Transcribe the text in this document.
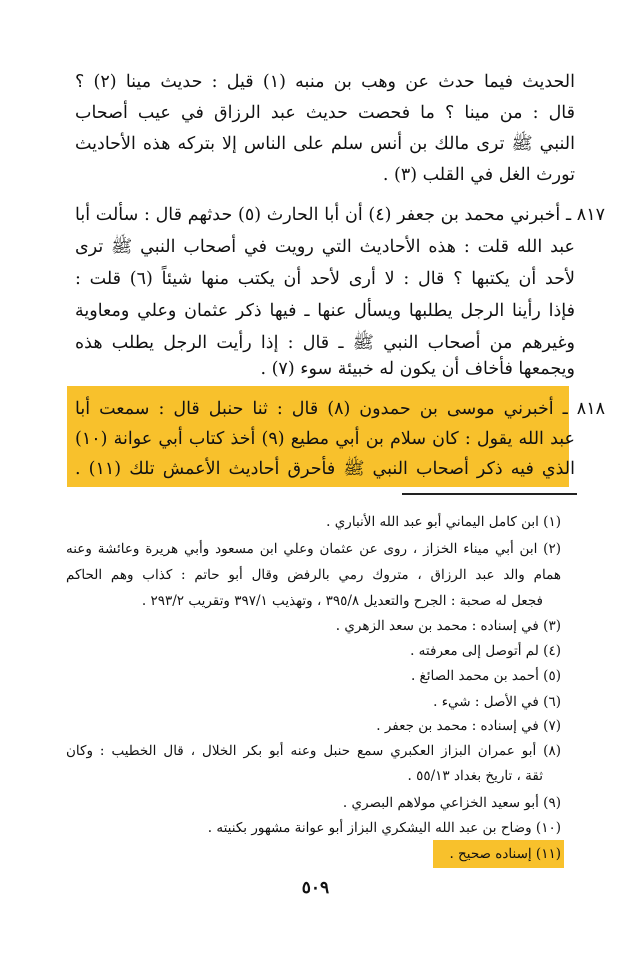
الحديث فيما حدث عن وهب بن منبه (١) قيل : حديث مينا (٢) ؟
قال : من مينا ؟ ما فحصت حديث عبد الرزاق في عيب أصحاب
النبي ﷺ ترى مالك بن أنس سلم على الناس إلا بتركه هذه الأحاديث
تورث الغل في القلب (٣) .
٨١٧ ـ أخبرني محمد بن جعفر (٤) أن أبا الحارث (٥) حدثهم قال : سألت أبا
عبد الله قلت : هذه الأحاديث التي رويت في أصحاب النبي ﷺ ترى
لأحد أن يكتبها ؟ قال : لا أرى لأحد أن يكتب منها شيئاً (٦) قلت :
فإذا رأينا الرجل يطلبها ويسأل عنها ـ فيها ذكر عثمان وعلي ومعاوية
وغيرهم من أصحاب النبي ﷺ ـ قال : إذا رأيت الرجل يطلب هذه
ويجمعها فأخاف أن يكون له خبيئة سوء (٧) .
٨١٨ ـ أخبرني موسى بن حمدون (٨) قال : ثنا حنبل قال : سمعت أبا
عبد الله يقول : كان سلام بن أبي مطيع (٩) أخذ كتاب أبي عوانة (١٠)
الذي فيه ذكر أصحاب النبي ﷺ فأحرق أحاديث الأعمش تلك (١١) .
(١) ابن كامل اليماني أبو عبد الله الأنباري .
(٢) ابن أبي ميناء الخزاز ، روى عن عثمان وعلي ابن مسعود وأبي هريرة وعائشة وعنه
همام والد عبد الرزاق ، متروك رمي بالرفض وقال أبو حاتم : كذاب وهم الحاكم
فجعل له صحبة : الجرح والتعديل ٣٩٥/٨ ، وتهذيب ٣٩٧/١ وتقريب ٢٩٣/٢ .
(٣) في إسناده : محمد بن سعد الزهري .
(٤) لم أتوصل إلى معرفته .
(٥) أحمد بن محمد الصائغ .
(٦) في الأصل : شيء .
(٧) في إسناده : محمد بن جعفر .
(٨) أبو عمران البزاز العكبري سمع حنبل وعنه أبو بكر الخلال ، قال الخطيب : وكان
ثقة ، تاريخ بغداد ٥٥/١٣ .
(٩) أبو سعيد الخزاعي مولاهم البصري .
(١٠) وضاح بن عبد الله اليشكري البزاز أبو عوانة مشهور بكنيته .
(١١) إسناده صحيح .
٥٠٩
